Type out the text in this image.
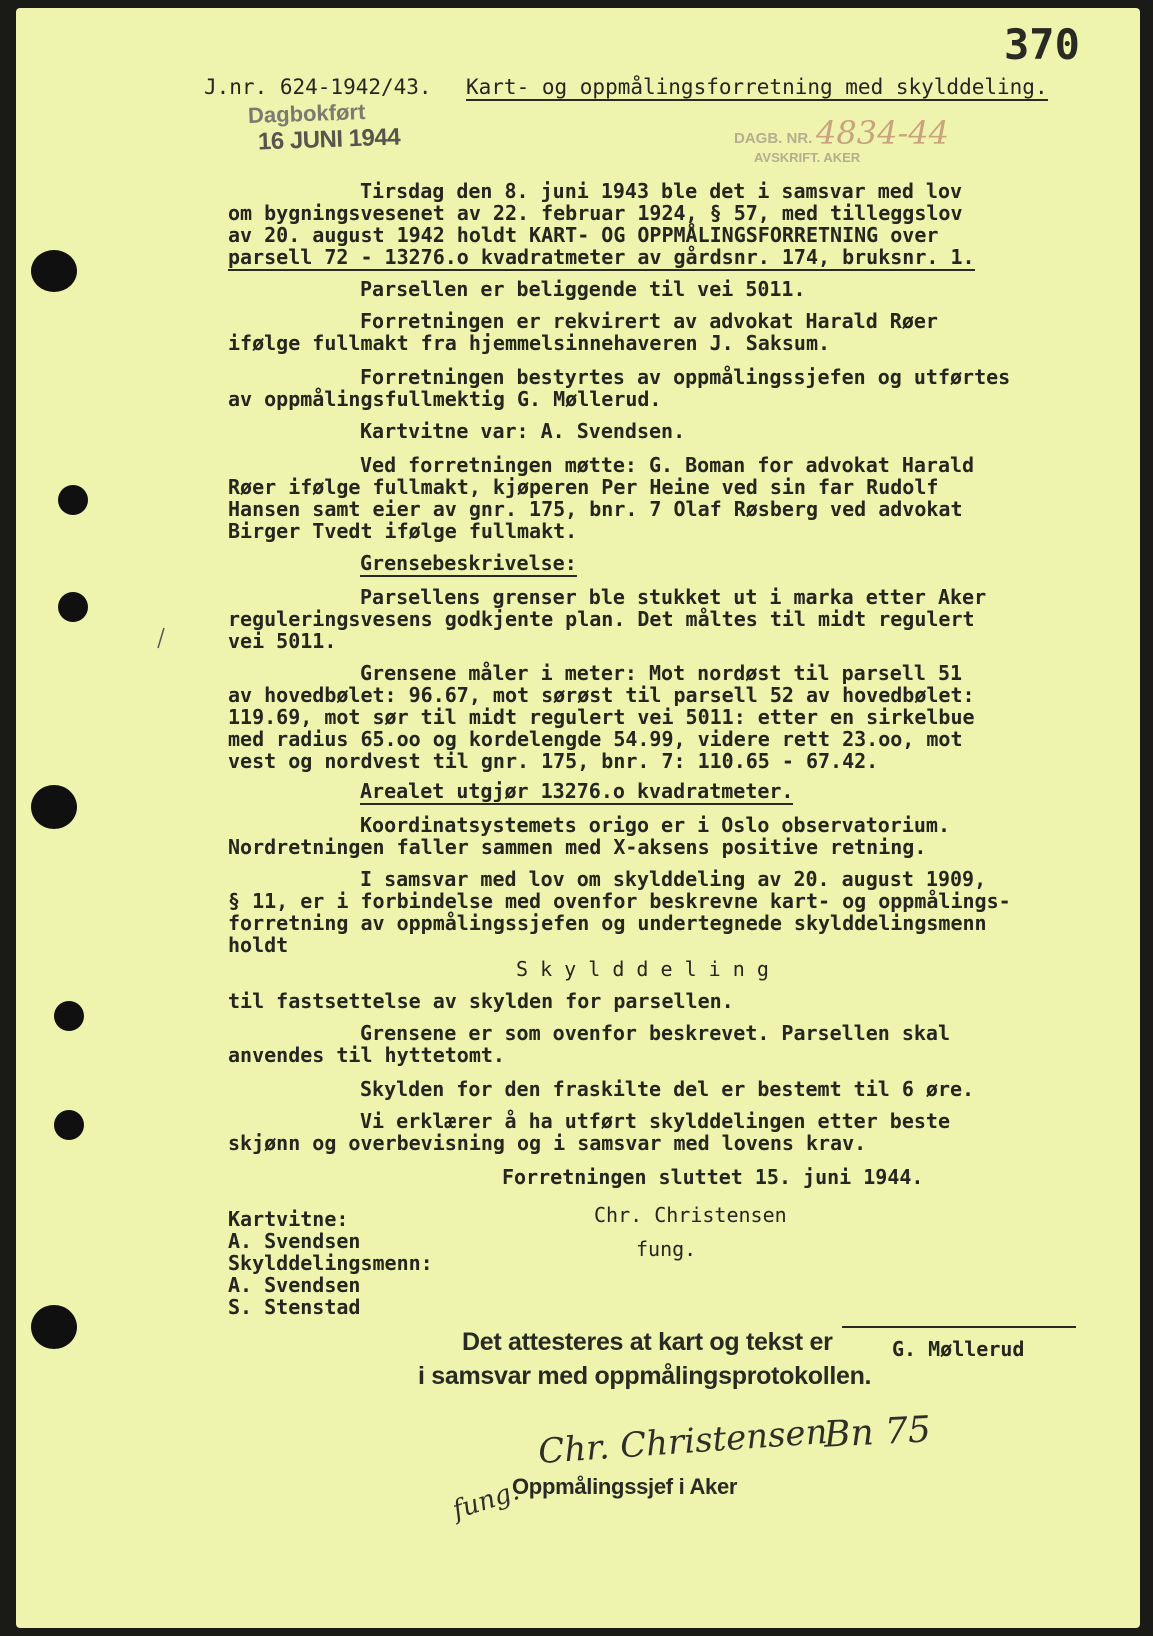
370
J.nr. 624-1942/43. Kart- og oppmålingsforretning med skylddeling.
Dagbokført
16 JUNI 1944	DAGB. NR. 4834-44
AVSKRIFT. AKER
Tirsdag den 8. juni 1943 ble det i samsvar med lov
om bygningsvesenet av 22. februar 1924, § 57, med tilleggslov
av 20. august 1942 holdt KART- OG OPPMÅLINGSFORRETNING over
parsell 72 - 13276.o kvadratmeter av gårdsnr. 174, bruksnr. 1.
Parsellen er beliggende til vei 5011.
Forretningen er rekvirert av advokat Harald Røer
ifølge fullmakt fra hjemmelsinnehaveren J. Saksum.
Forretningen bestyrtes av oppmålingssjefen og utførtes
av oppmålingsfullmektig G. Møllerud.
Kartvitne var: A. Svendsen.
Ved forretningen møtte: G. Boman for advokat Harald
Røer ifølge fullmakt, kjøperen Per Heine ved sin far Rudolf
Hansen samt eier av gnr. 175, bnr. 7 Olaf Røsberg ved advokat
Birger Tvedt ifølge fullmakt.
Grensebeskrivelse:
Parsellens grenser ble stukket ut i marka etter Aker
reguleringsvesens godkjente plan. Det måltes til midt regulert
vei 5011.
Grensene måler i meter: Mot nordøst til parsell 51
av hovedbølet: 96.67, mot sørøst til parsell 52 av hovedbølet:
119.69, mot sør til midt regulert vei 5011: etter en sirkelbue
med radius 65.oo og kordelengde 54.99, videre rett 23.oo, mot
vest og nordvest til gnr. 175, bnr. 7: 110.65 - 67.42.
Arealet utgjør 13276.o kvadratmeter.
Koordinatsystemets origo er i Oslo observatorium.
Nordretningen faller sammen med X-aksens positive retning.
I samsvar med lov om skylddeling av 20. august 1909,
§ 11, er i forbindelse med ovenfor beskrevne kart- og oppmålings-
forretning av oppmålingssjefen og undertegnede skylddelingsmenn
holdt
S k y l d d e l i n g
til fastsettelse av skylden for parsellen.
Grensene er som ovenfor beskrevet. Parsellen skal
anvendes til hyttetomt.
Skylden for den fraskilte del er bestemt til 6 øre.
Vi erklærer å ha utført skylddelingen etter beste
skjønn og overbevisning og i samsvar med lovens krav.
Forretningen sluttet 15. juni 1944.
Kartvitne:
A. Svendsen
Skylddelingsmenn:
A. Svendsen
S. Stenstad
Chr. Christensen
fung.
G. Møllerud
Det attesteres at kart og tekst er
i samsvar med oppmålingsprotokollen.
Chr. Christensen
Bn 75
fung.
Oppmålingssjef i Aker
